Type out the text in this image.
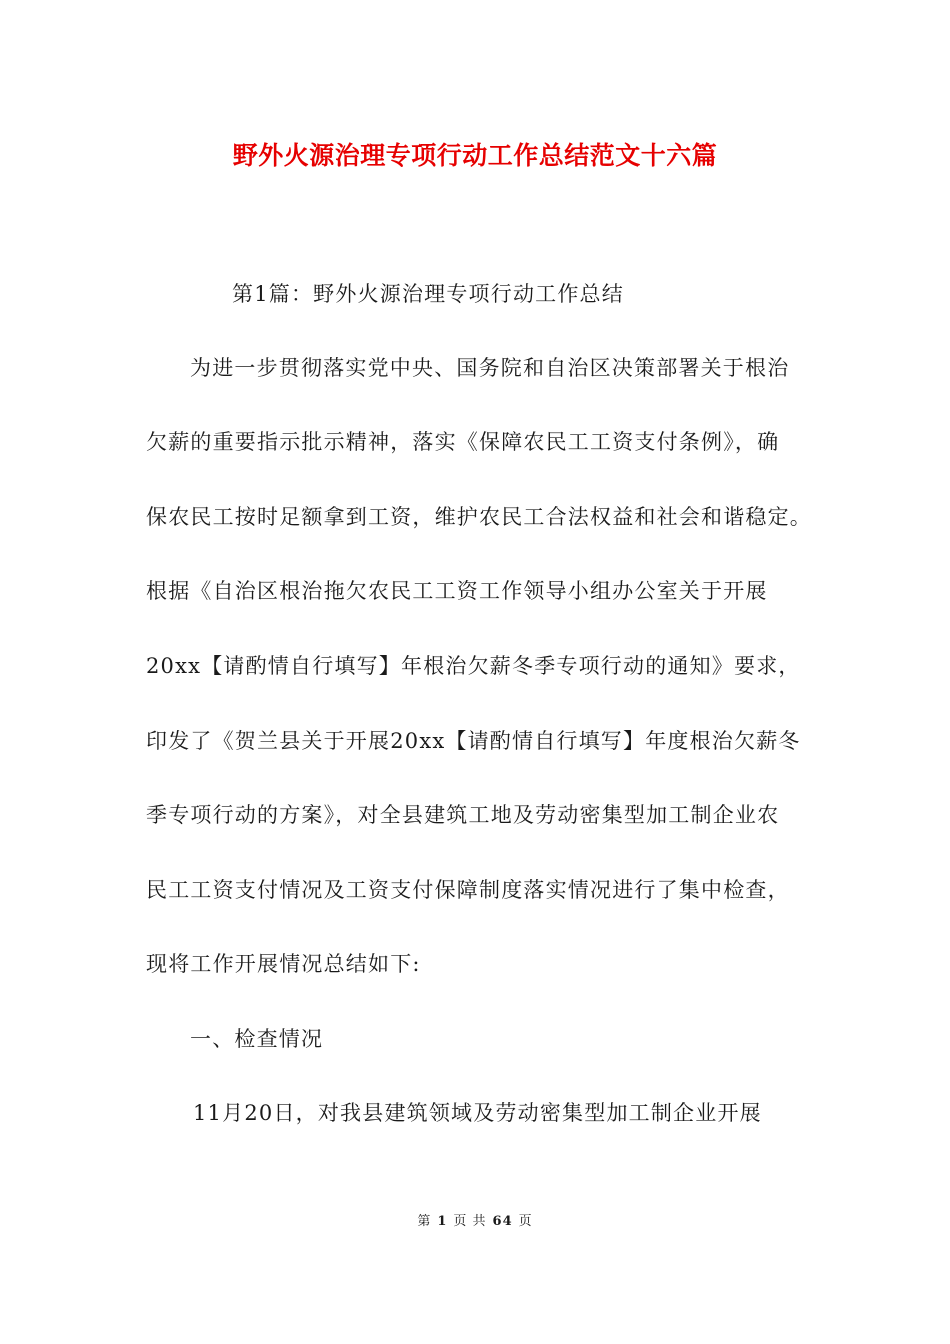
野外火源治理专项行动工作总结范文十六篇
第1篇：野外火源治理专项行动工作总结
为进一步贯彻落实党中央、国务院和自治区决策部署关于根治
欠薪的重要指示批示精神，落实《保障农民工工资支付条例》，确
保农民工按时足额拿到工资，维护农民工合法权益和社会和谐稳定。
根据《自治区根治拖欠农民工工资工作领导小组办公室关于开展
20xx【请酌情自行填写】年根治欠薪冬季专项行动的通知》要求，
印发了《贺兰县关于开展20xx【请酌情自行填写】年度根治欠薪冬
季专项行动的方案》，对全县建筑工地及劳动密集型加工制企业农
民工工资支付情况及工资支付保障制度落实情况进行了集中检查，
现将工作开展情况总结如下:
一、检查情况
11月20日，对我县建筑领域及劳动密集型加工制企业开展
第 1 页 共 64 页
